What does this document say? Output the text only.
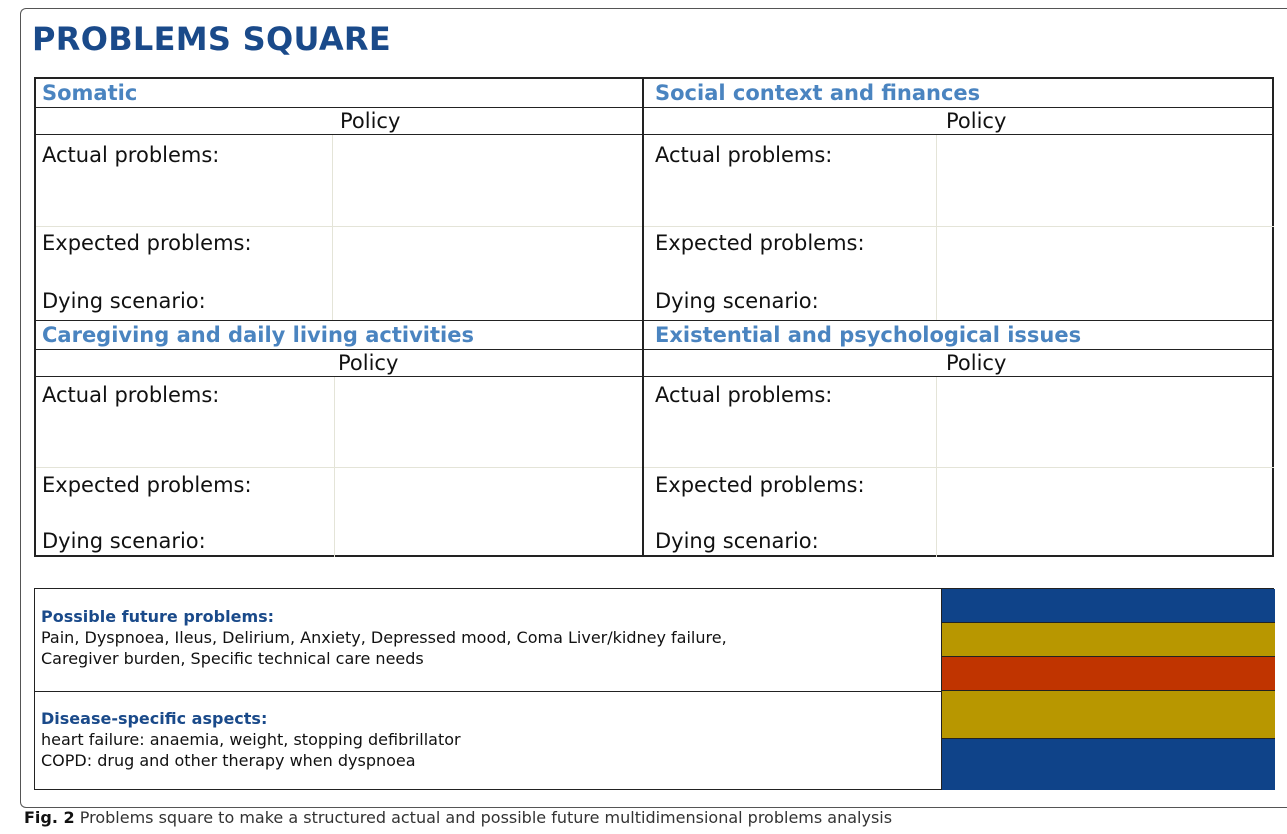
PROBLEMS SQUARE
Somatic
Policy
Actual problems:
Expected problems:
Dying scenario:
Social context and finances
Policy
Actual problems:
Expected problems:
Dying scenario:
Caregiving and daily living activities
Policy
Actual problems:
Expected problems:
Dying scenario:
Existential and psychological issues
Policy
Actual problems:
Expected problems:
Dying scenario:
Possible future problems:
Pain, Dyspnoea, Ileus, Delirium, Anxiety, Depressed mood, Coma Liver/kidney failure,
Caregiver burden, Specific technical care needs
Disease-specific aspects:
heart failure: anaemia, weight, stopping defibrillator
COPD: drug and other therapy when dyspnoea
Fig. 2 Problems square to make a structured actual and possible future multidimensional problems analysis
